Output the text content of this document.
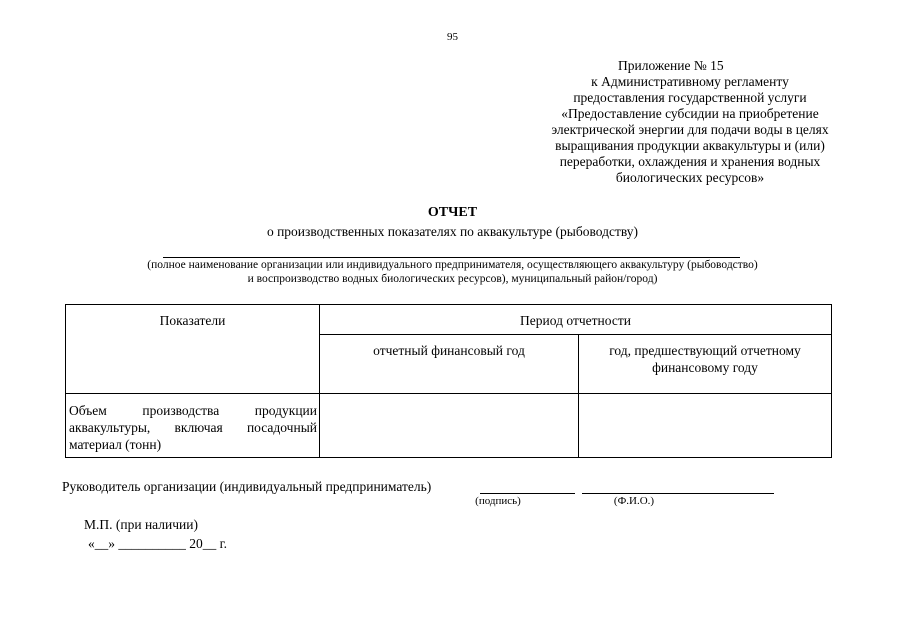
95
Приложение № 15
к Административному регламенту
предоставления государственной услуги
«Предоставление субсидии на приобретение
электрической энергии для подачи воды в целях
выращивания продукции аквакультуры и (или)
переработки, охлаждения и хранения водных
биологических ресурсов»
ОТЧЕТ
о производственных показателях по аквакультуре (рыбоводству)
(полное наименование организации или индивидуального предпринимателя, осуществляющего аквакультуру (рыбоводство)
и воспроизводство водных биологических ресурсов), муниципальный район/город)
Показатели	Период отчетности	
	отчетный финансовый год	год, предшествующий отчетному финансовому году
Объем производства продукции аквакультуры, включая посадочный материал (тонн)		
Руководитель организации (индивидуальный предприниматель)
(подпись)	(Ф.И.О.)
М.П. (при наличии)
«__» __________ 20__ г.
